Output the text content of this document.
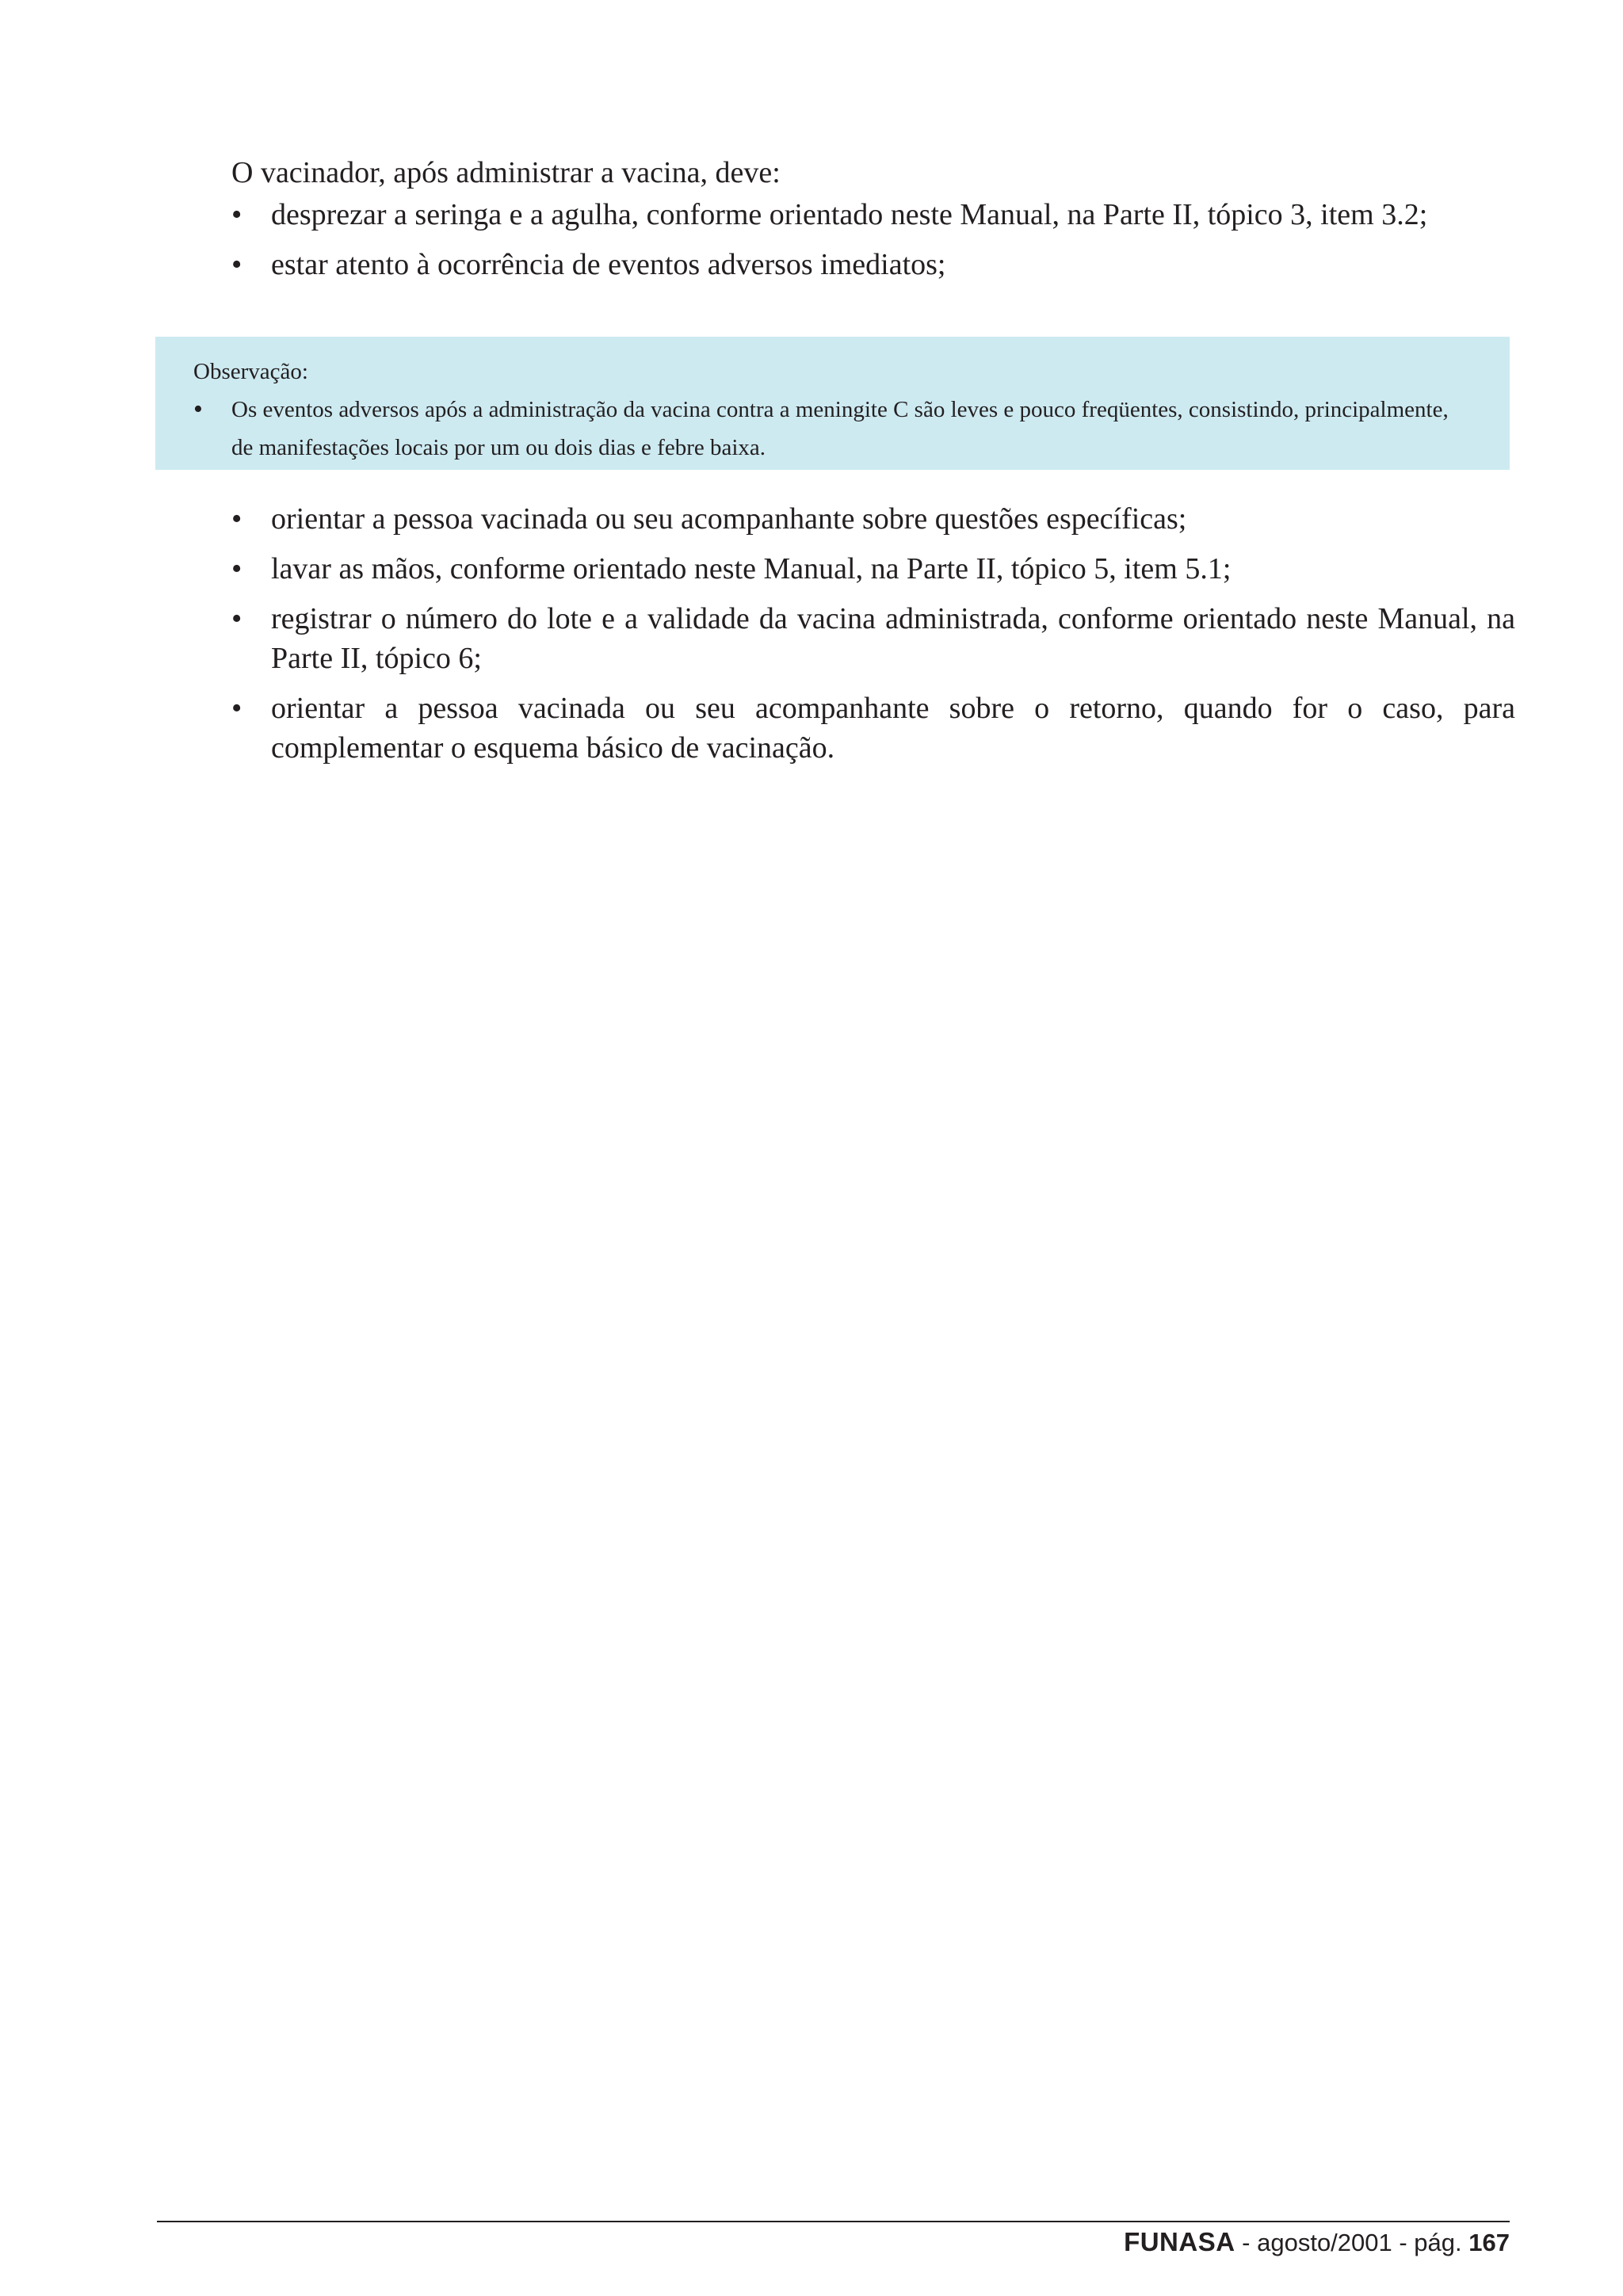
O vacinador, após administrar a vacina, deve:

• desprezar a seringa e a agulha, conforme orientado neste Manual, na Parte II, tópico 3, item 3.2;
• estar atento à ocorrência de eventos adversos imediatos;

Observação:

• Os eventos adversos após a administração da vacina contra a meningite C são leves e pouco freqüentes, consistindo, principalmente, de manifestações locais por um ou dois dias e febre baixa.

• orientar a pessoa vacinada ou seu acompanhante sobre questões específicas;
• lavar as mãos, conforme orientado neste Manual, na Parte II, tópico 5, item 5.1;
• registrar o número do lote e a validade da vacina administrada, conforme orientado neste Manual, na Parte II, tópico 6;
• orientar a pessoa vacinada ou seu acompanhante sobre o retorno, quando for o caso, para complementar o esquema básico de vacinação.
FUNASA - agosto/2001 - pág. 167
